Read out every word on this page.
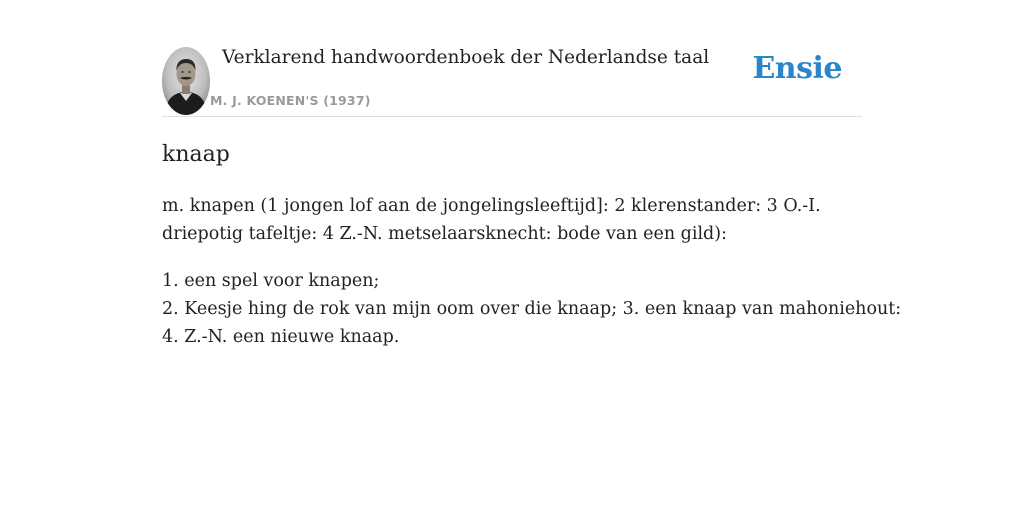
Verklarend handwoordenboek der Nederlandse taal
M. J. KOENEN'S (1937)
Ensie
knaap

m. knapen (1 jongen lof aan de jongelingsleeftijd]: 2 klerenstander: 3 O.-I. driepotig tafeltje: 4 Z.-N. metselaarsknecht: bode van een gild):

1. een spel voor knapen;
2. Keesje hing de rok van mijn oom over die knaap; 3. een knaap van mahoniehout:
4. Z.-N. een nieuwe knaap.
